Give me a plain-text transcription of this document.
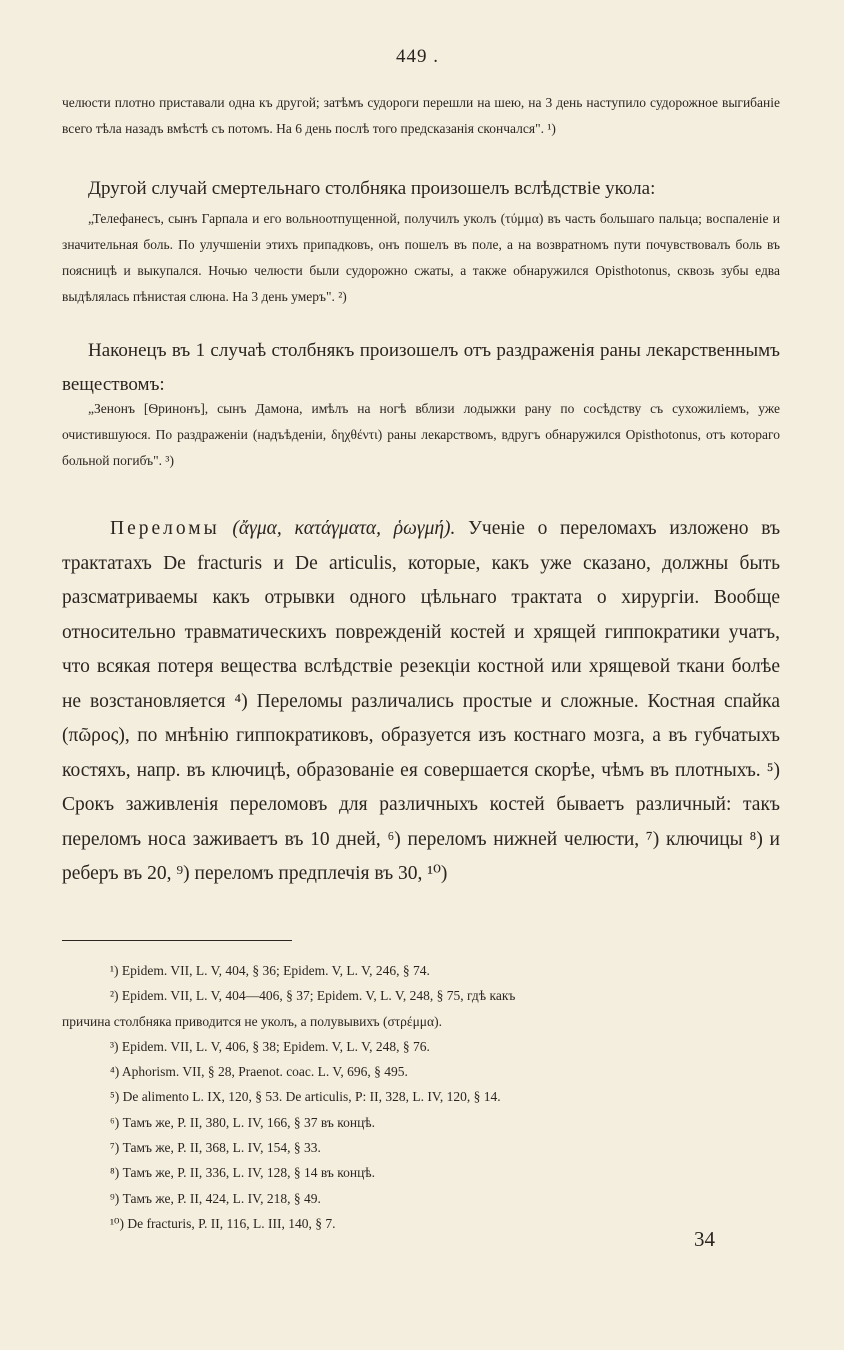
449 .

челюсти плотно приставали одна къ другой; затѣмъ судороги перешли на шею, на 3 день наступило судорожное выгибаніе всего тѣла назадъ вмѣстѣ съ потомъ. На 6 день послѣ того предсказанія скончался". ¹)

Другой случай смертельнаго столбняка произошелъ вслѣдствіе укола:

„Телефанесъ, сынъ Гарпала и его вольноотпущенной, получилъ уколъ (τύμμα) въ часть большаго пальца; воспаленіе и значительная боль. По улучшеніи этихъ припадковъ, онъ пошелъ въ поле, а на возвратномъ пути почувствовалъ боль въ поясницѣ и выкупался. Ночью челюсти были судорожно сжаты, а также обнаружился Opisthotonus, сквозь зубы едва выдѣлялась пѣнистая слюна. На 3 день умеръ". ²)

Наконецъ въ 1 случаѣ столбнякъ произошелъ отъ раздраженія раны лекарственнымъ веществомъ:

„Зенонъ [Ѳринонъ], сынъ Дамона, имѣлъ на ногѣ вблизи лодыжки рану по сосѣдству съ сухожиліемъ, уже очистившуюся. По раздраженіи (надъѣденіи, δηχθέντι) раны лекарствомъ, вдругъ обнаружился Opisthotonus, отъ котораго больной погибъ". ³)

Переломы (ἄγμα, κατάγματα, ῥωγμή). Ученіе о переломахъ изложено въ трактатахъ De fracturis и De articulis, которые, какъ уже сказано, должны быть разсматриваемы какъ отрывки одного цѣльнаго трактата о хирургіи. Вообще относительно травматическихъ поврежденій костей и хрящей гиппократики учатъ, что всякая потеря вещества вслѣдствіе резекціи костной или хрящевой ткани болѣе не возстановляется ⁴) Переломы различались простые и сложные. Костная спайка (πῶρος), по мнѣнію гиппократиковъ, образуется изъ костнаго мозга, а въ губчатыхъ костяхъ, напр. въ ключицѣ, образованіе ея совершается скорѣе, чѣмъ въ плотныхъ. ⁵) Срокъ заживленія переломовъ для различныхъ костей бываетъ различный: такъ переломъ носа заживаетъ въ 10 дней, ⁶) переломъ нижней челюсти, ⁷) ключицы ⁸) и реберъ въ 20, ⁹) переломъ предплечія въ 30, ¹⁰)

¹) Epidem. VII, L. V, 404, § 36; Epidem. V, L. V, 246, § 74.

²) Epidem. VII, L. V, 404—406, § 37; Epidem. V, L. V, 248, § 75, гдѣ какъ

причина столбняка приводится не уколъ, а полувывихъ (στρέμμα).

³) Epidem. VII, L. V, 406, § 38; Epidem. V, L. V, 248, § 76.

⁴) Aphorism. VII, § 28, Praenot. coac. L. V, 696, § 495.

⁵) De alimento L. IX, 120, § 53. De articulis, P: II, 328, L. IV, 120, § 14.

⁶) Тамъ же, Р. II, 380, L. IV, 166, § 37 въ концѣ.

⁷) Тамъ же, Р. II, 368, L. IV, 154, § 33.

⁸) Тамъ же, Р. II, 336, L. IV, 128, § 14 въ концѣ.

⁹) Тамъ же, Р. II, 424, L. IV, 218, § 49.

¹⁰) De fracturis, Р. II, 116, L. III, 140, § 7.

34
